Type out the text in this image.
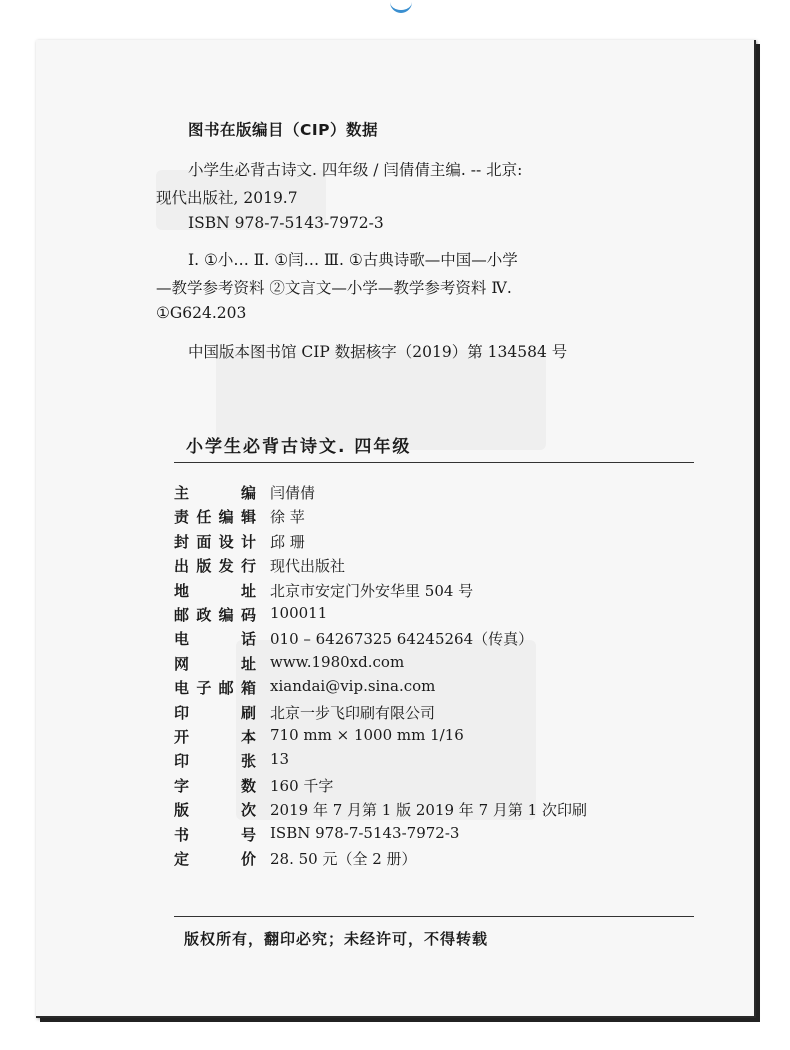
图书在版编目（CIP）数据
小学生必背古诗文. 四年级 / 闫倩倩主编. -- 北京:
现代出版社, 2019.7
ISBN 978-7-5143-7972-3
Ⅰ. ①小… Ⅱ. ①闫… Ⅲ. ①古典诗歌—中国—小学
—教学参考资料 ②文言文—小学—教学参考资料 Ⅳ.
①G624.203
中国版本图书馆 CIP 数据核字（2019）第 134584 号
小学生必背古诗文. 四年级
主	编 闫倩倩
责 任 编 辑 徐 苹
封 面 设 计 邱 珊
出 版 发 行 现代出版社
地	址 北京市安定门外安华里 504 号
邮 政 编 码 100011
电	话 010 – 64267325 64245264（传真）
网	址 www.1980xd.com
电 子 邮 箱 xiandai@vip.sina.com
印	刷 北京一步飞印刷有限公司
开	本 710 mm × 1000 mm 1/16
印	张 13
字	数 160 千字
版	次 2019 年 7 月第 1 版 2019 年 7 月第 1 次印刷
书	号 ISBN 978-7-5143-7972-3
定	价 28. 50 元（全 2 册）
版权所有，翻印必究；未经许可，不得转载
